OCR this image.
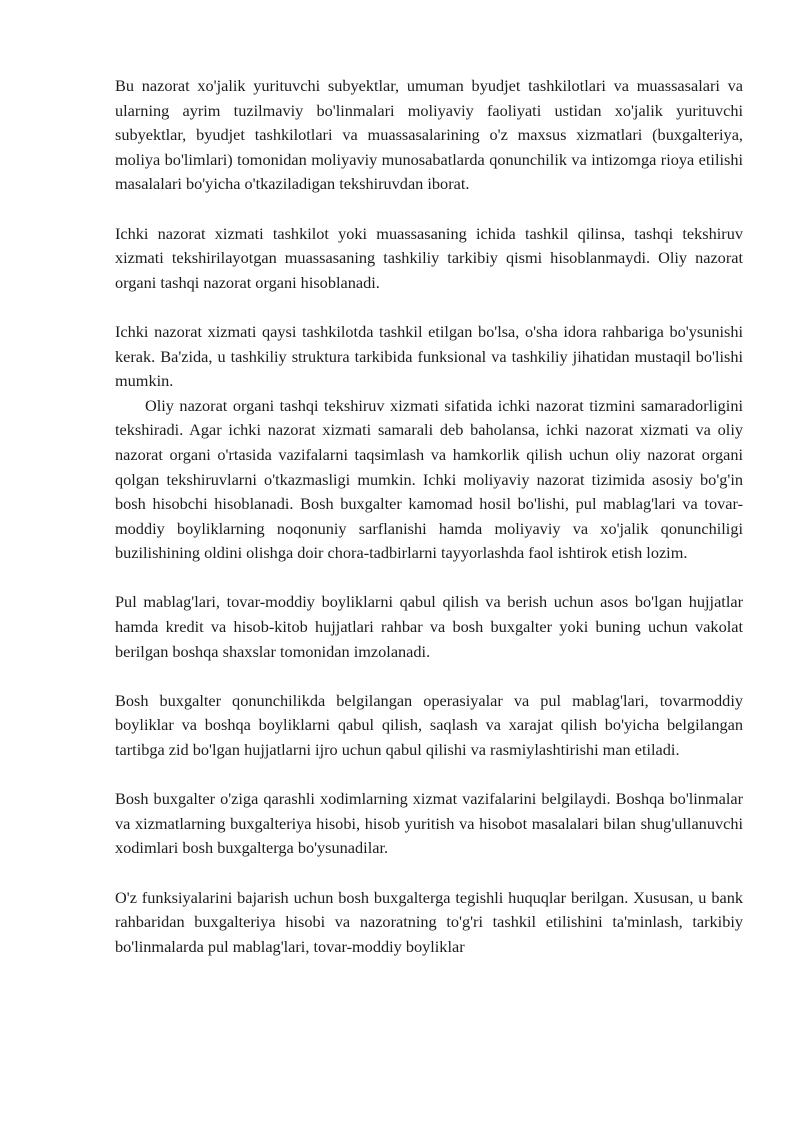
Bu nazorat xo'jalik yurituvchi subyektlar, umuman byudjet tashkilotlari va muassasalari va ularning ayrim tuzilmaviy bo'linmalari moliyaviy faoliyati ustidan xo'jalik yurituvchi subyektlar, byudjet tashkilotlari va muassasalarining o'z maxsus xizmatlari (buxgalteriya, moliya bo'limlari) tomonidan moliyaviy munosabatlarda qonunchilik va intizomga rioya etilishi masalalari bo'yicha o'tkaziladigan tekshiruvdan iborat.

Ichki nazorat xizmati tashkilot yoki muassasaning ichida tashkil qilinsa, tashqi tekshiruv xizmati tekshirilayotgan muassasaning tashkiliy tarkibiy qismi hisoblanmaydi. Oliy nazorat organi tashqi nazorat organi hisoblanadi.

Ichki nazorat xizmati qaysi tashkilotda tashkil etilgan bo'lsa, o'sha idora rahbariga bo'ysunishi kerak. Ba'zida, u tashkiliy struktura tarkibida funksional va tashkiliy jihatidan mustaqil bo'lishi mumkin.

Oliy nazorat organi tashqi tekshiruv xizmati sifatida ichki nazorat tizmini samaradorligini tekshiradi. Agar ichki nazorat xizmati samarali deb baholansa, ichki nazorat xizmati va oliy nazorat organi o'rtasida vazifalarni taqsimlash va hamkorlik qilish uchun oliy nazorat organi qolgan tekshiruvlarni o'tkazmasligi mumkin. Ichki moliyaviy nazorat tizimida asosiy bo'g'in bosh hisobchi hisoblanadi. Bosh buxgalter kamomad hosil bo'lishi, pul mablag'lari va tovar-moddiy boyliklarning noqonuniy sarflanishi hamda moliyaviy va xo'jalik qonunchiligi buzilishining oldini olishga doir chora-tadbirlarni tayyorlashda faol ishtirok etish lozim.

Pul mablag'lari, tovar-moddiy boyliklarni qabul qilish va berish uchun asos bo'lgan hujjatlar hamda kredit va hisob-kitob hujjatlari rahbar va bosh buxgalter yoki buning uchun vakolat berilgan boshqa shaxslar tomonidan imzolanadi.

Bosh buxgalter qonunchilikda belgilangan operasiyalar va pul mablag'lari, tovarmoddiy boyliklar va boshqa boyliklarni qabul qilish, saqlash va xarajat qilish bo'yicha belgilangan tartibga zid bo'lgan hujjatlarni ijro uchun qabul qilishi va rasmiylashtirishi man etiladi.

Bosh buxgalter o'ziga qarashli xodimlarning xizmat vazifalarini belgilaydi. Boshqa bo'linmalar va xizmatlarning buxgalteriya hisobi, hisob yuritish va hisobot masalalari bilan shug'ullanuvchi xodimlari bosh buxgalterga bo'ysunadilar.

O'z funksiyalarini bajarish uchun bosh buxgalterga tegishli huquqlar berilgan. Xususan, u bank rahbaridan buxgalteriya hisobi va nazoratning to'g'ri tashkil etilishini ta'minlash, tarkibiy bo'linmalarda pul mablag'lari, tovar-moddiy boyliklar
